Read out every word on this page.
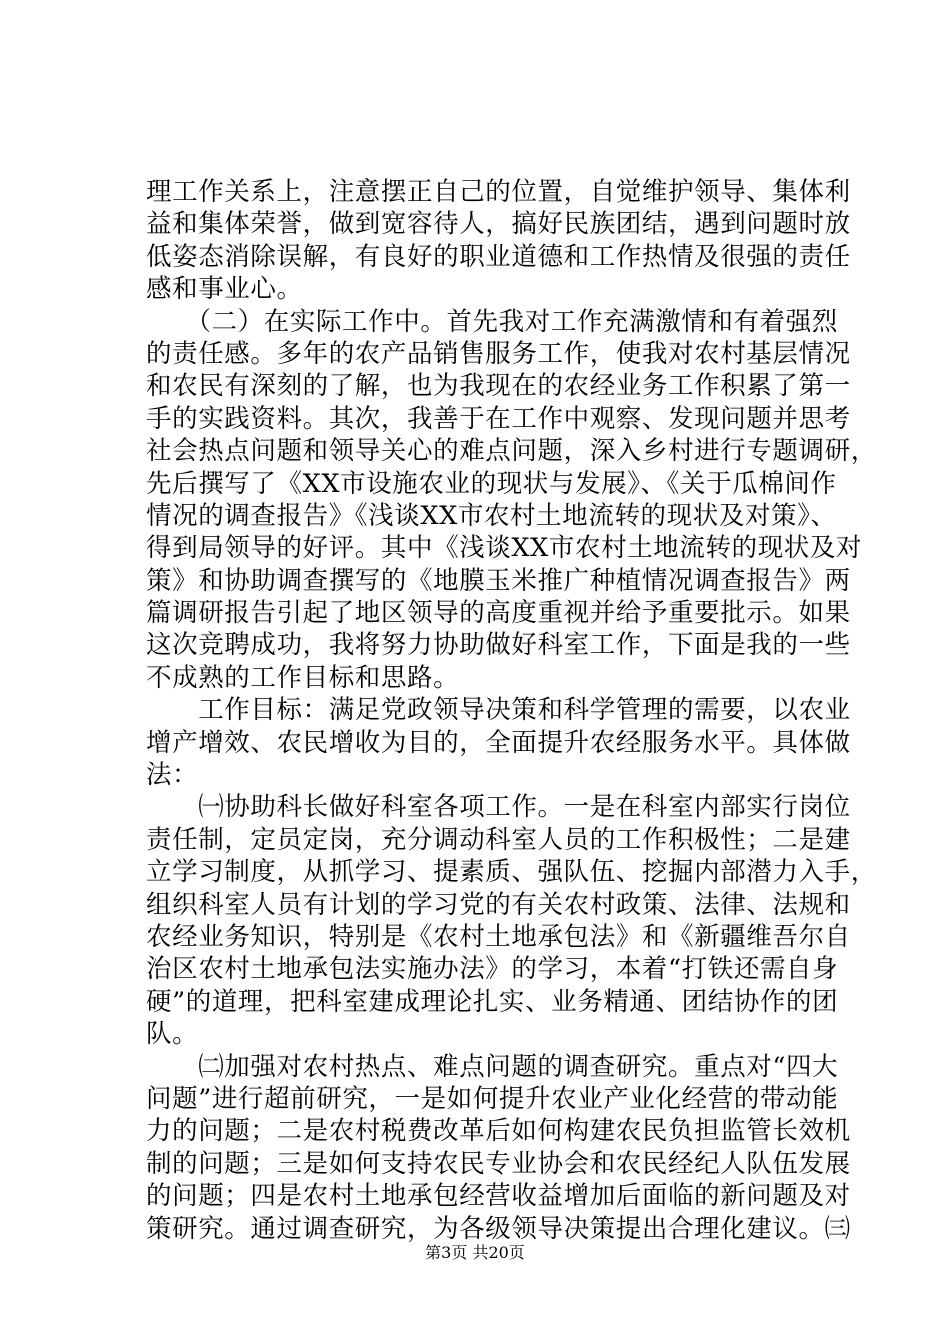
理工作关系上，注意摆正自己的位置，自觉维护领导、集体利
益和集体荣誉，做到宽容待人，搞好民族团结，遇到问题时放
低姿态消除误解，有良好的职业道德和工作热情及很强的责任
感和事业心。
　　（二）在实际工作中。首先我对工作充满激情和有着强烈
的责任感。多年的农产品销售服务工作，使我对农村基层情况
和农民有深刻的了解，也为我现在的农经业务工作积累了第一
手的实践资料。其次，我善于在工作中观察、发现问题并思考
社会热点问题和领导关心的难点问题，深入乡村进行专题调研，
先后撰写了《XX市设施农业的现状与发展》、《关于瓜棉间作
情况的调查报告》《浅谈XX市农村土地流转的现状及对策》、
得到局领导的好评。其中《浅谈XX市农村土地流转的现状及对
策》和协助调查撰写的《地膜玉米推广种植情况调查报告》两
篇调研报告引起了地区领导的高度重视并给予重要批示。如果
这次竞聘成功，我将努力协助做好科室工作，下面是我的一些
不成熟的工作目标和思路。
　　工作目标：满足党政领导决策和科学管理的需要，以农业
增产增效、农民增收为目的，全面提升农经服务水平。具体做
法：
　　㈠协助科长做好科室各项工作。一是在科室内部实行岗位
责任制，定员定岗，充分调动科室人员的工作积极性；二是建
立学习制度，从抓学习、提素质、强队伍、挖掘内部潜力入手，
组织科室人员有计划的学习党的有关农村政策、法律、法规和
农经业务知识，特别是《农村土地承包法》和《新疆维吾尔自
治区农村土地承包法实施办法》的学习，本着“打铁还需自身
硬”的道理，把科室建成理论扎实、业务精通、团结协作的团
队。
　　㈡加强对农村热点、难点问题的调查研究。重点对“四大
问题”进行超前研究，一是如何提升农业产业化经营的带动能
力的问题；二是农村税费改革后如何构建农民负担监管长效机
制的问题；三是如何支持农民专业协会和农民经纪人队伍发展
的问题；四是农村土地承包经营收益增加后面临的新问题及对
策研究。通过调查研究，为各级领导决策提出合理化建议。㈢
第3页 共20页
